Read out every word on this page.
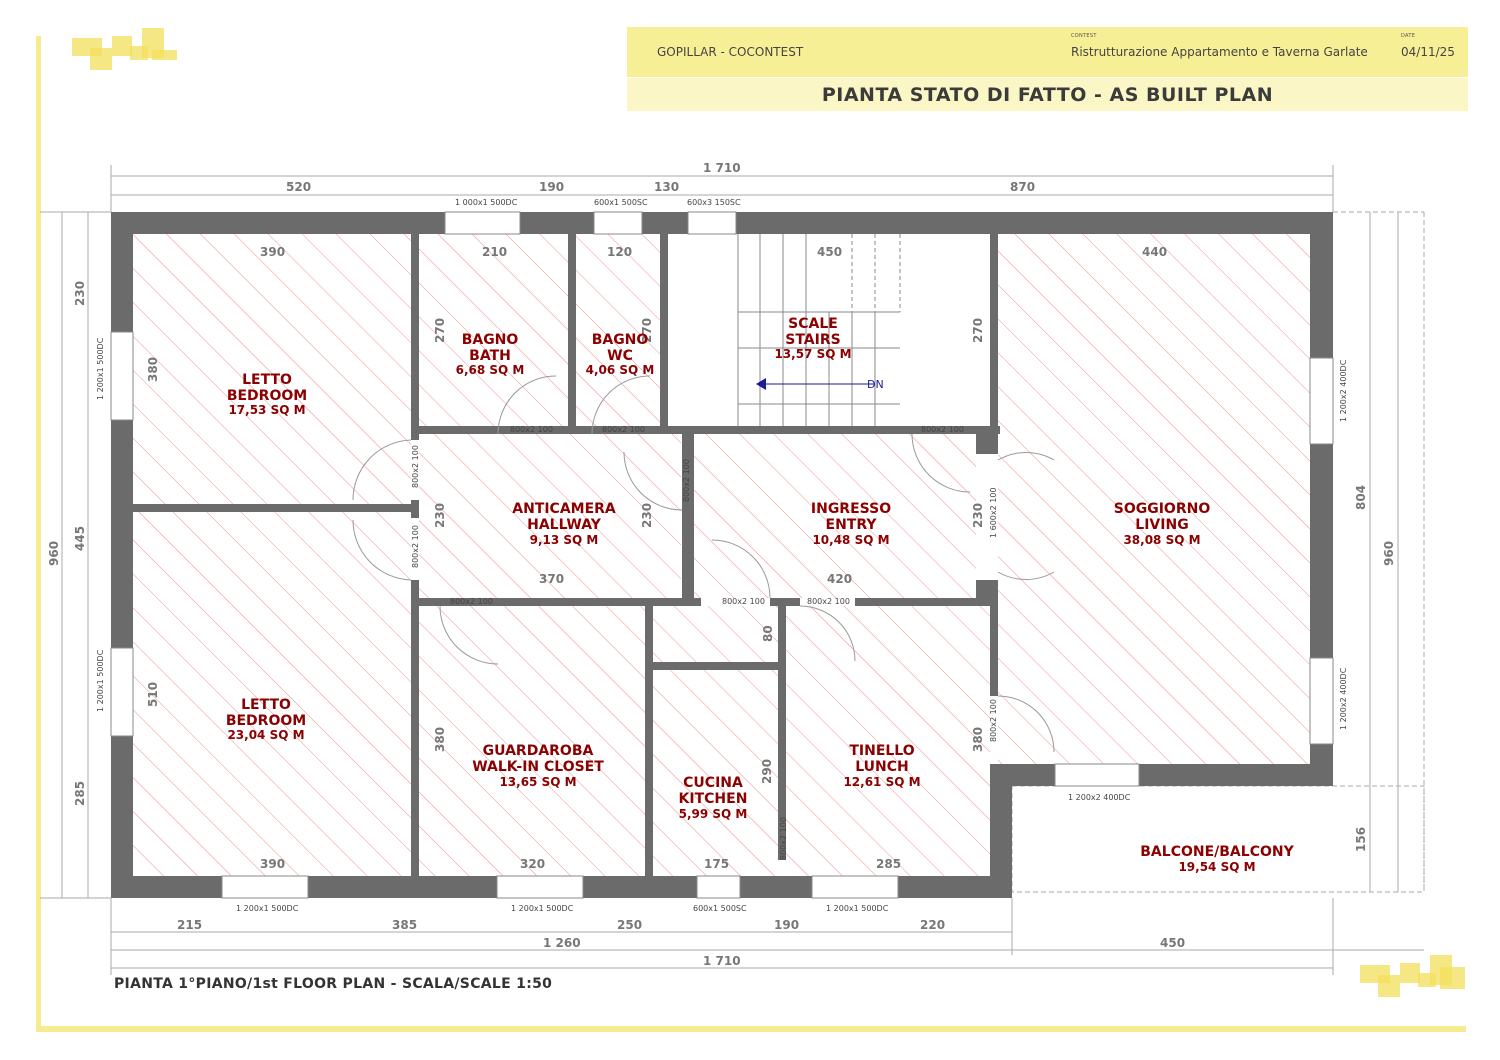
GOPILLAR - COCONTEST
CONTEST
Ristrutturazione Appartamento e Taverna Garlate
DATE
04/11/25
PIANTA STATO DI FATTO - AS BUILT PLAN
DN
1 710
520	190	130	870
215	385	250	190	220
1 260	450
1 710
960
230
445
285
804
156
960
390	210	120	450	440
380
270	270	270
230	230	230
370	420
80
510
380
290
380
390	320	175	285
1 000x1 500DC	600x1 500SC	600x3 150SC
1 200x1 500DC	1 200x2 400DC
1 200x1 500DC	1 200x2 400DC
1 200x2 400DC
1 200x1 500DC	1 200x1 500DC	600x1 500SC	1 200x1 500DC
800x2 100	800x2 100	800x2 100
800x2 100
800x2 100
800x2 100
1 600x2 100
800x2 100	800x2 100	800x2 100
800x2 100
800x2 100
LETTO
BEDROOM
17,53 SQ M
BAGNO
BATH
6,68 SQ M
BAGNO
WC
4,06 SQ M
SCALE
STAIRS
13,57 SQ M
SOGGIORNO
LIVING
38,08 SQ M
ANTICAMERA
HALLWAY
9,13 SQ M
INGRESSO
ENTRY
10,48 SQ M
LETTO
BEDROOM
23,04 SQ M
GUARDAROBA
WALK-IN CLOSET
13,65 SQ M	CUCINA
KITCHEN
5,99 SQ M
TINELLO
LUNCH
12,61 SQ M
BALCONE/BALCONY
19,54 SQ M
PIANTA 1°PIANO/1st FLOOR PLAN - SCALA/SCALE 1:50
